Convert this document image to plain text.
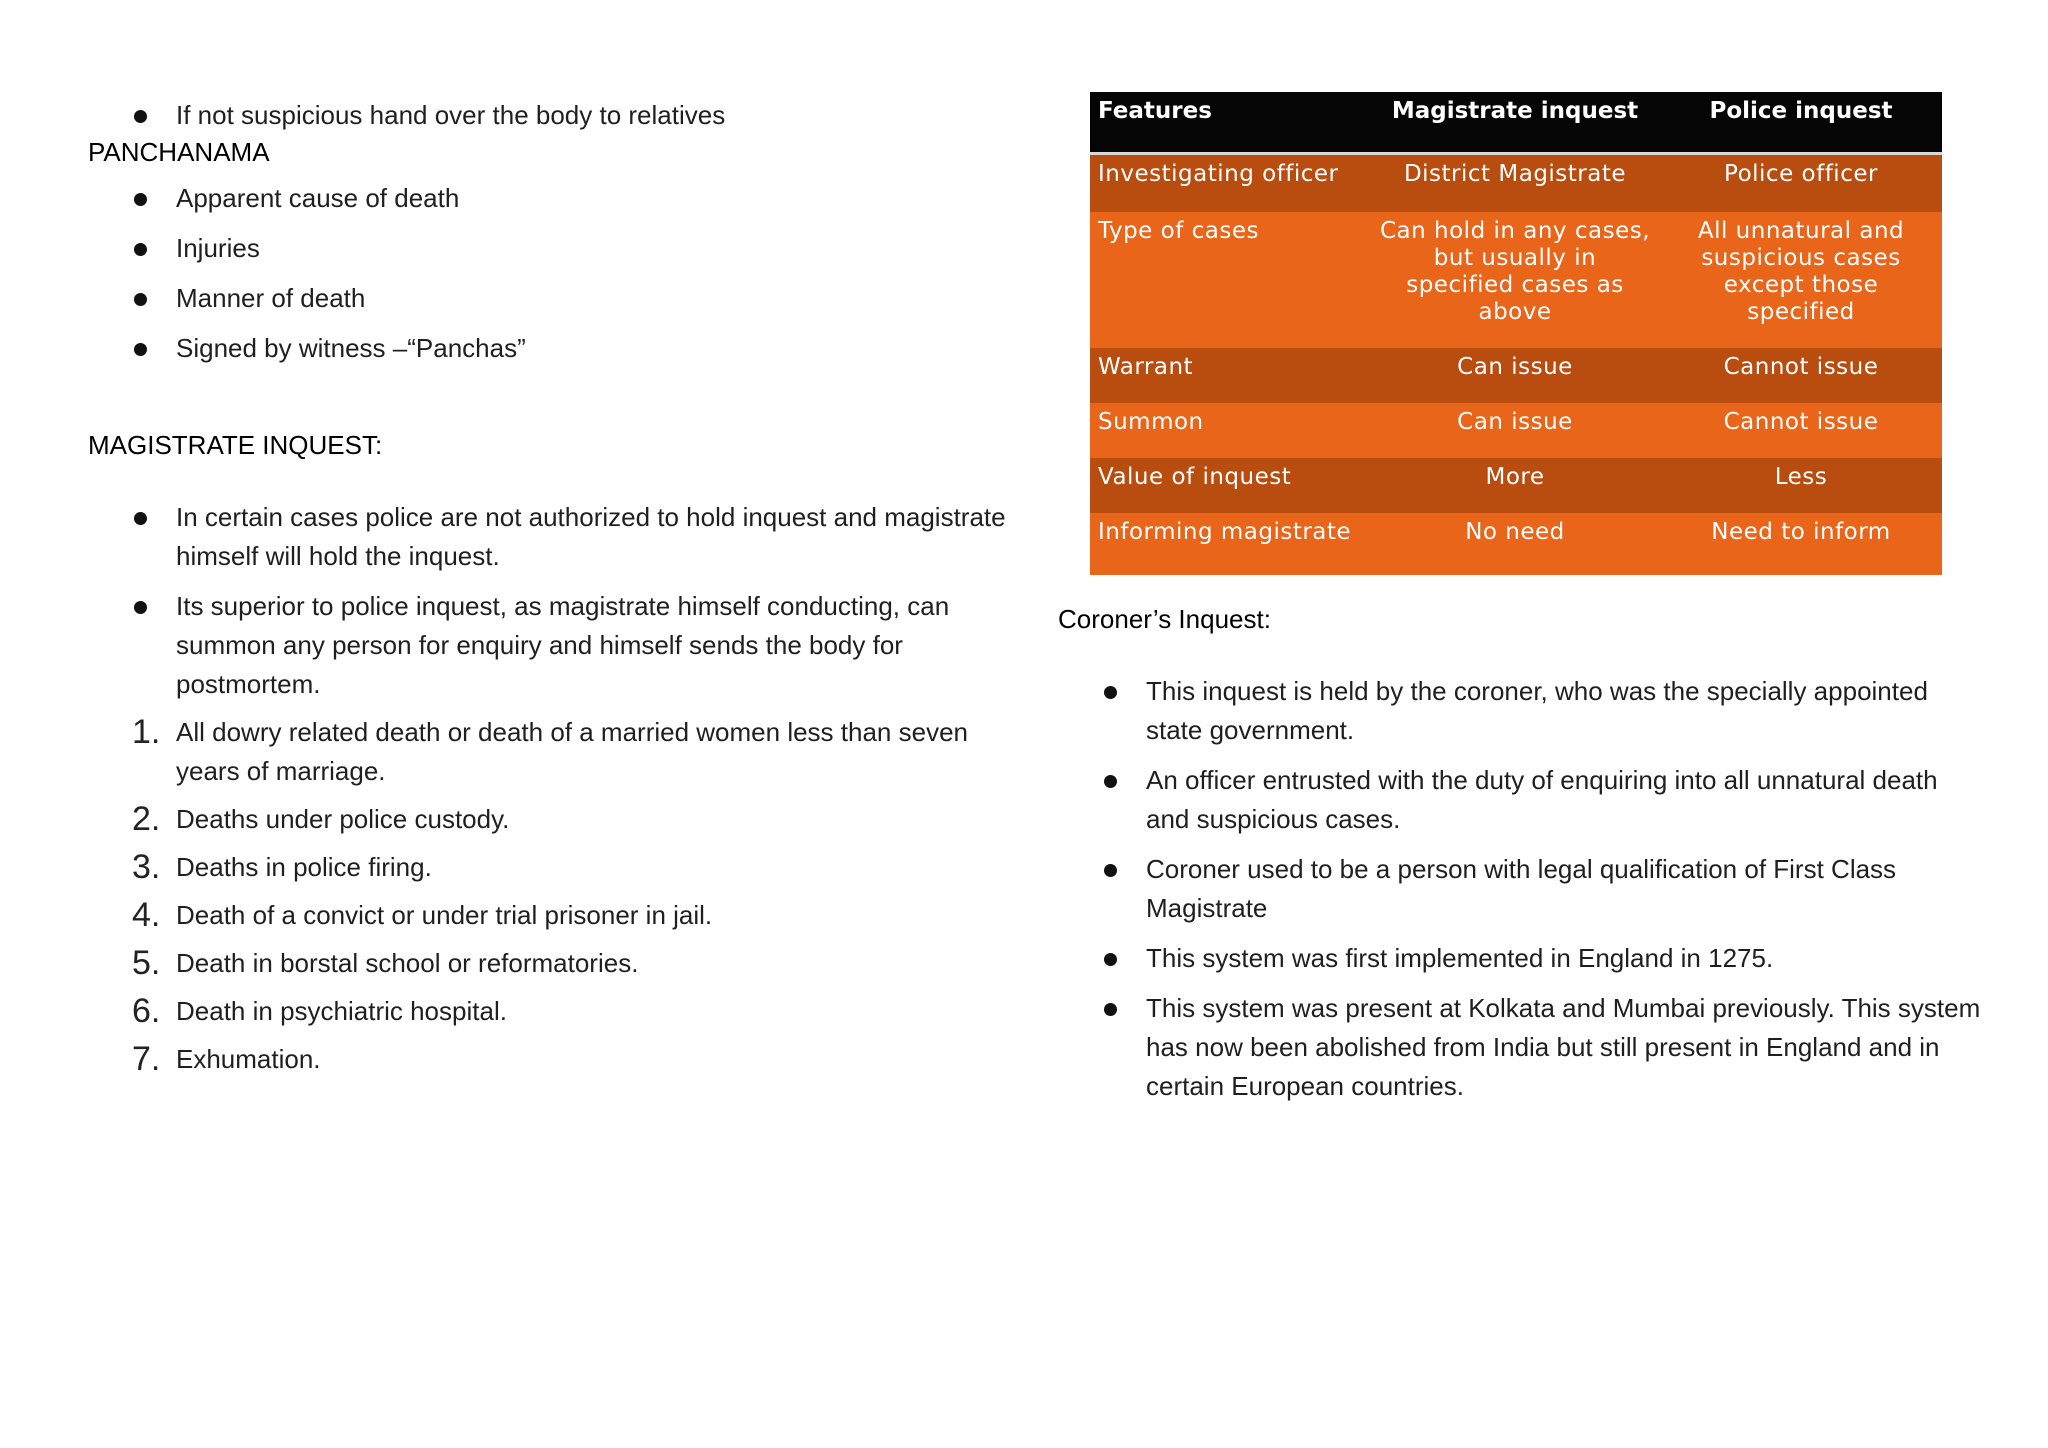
If not suspicious hand over the body to relatives
PANCHANAMA
Apparent cause of death
Injuries
Manner of death
Signed by witness –“Panchas”
MAGISTRATE INQUEST:
In certain cases police are not authorized to hold inquest and magistrate himself will hold the inquest.
Its superior to police inquest, as magistrate himself conducting, can summon any person for enquiry and himself sends the body for postmortem.
1. All dowry related death or death of a married women less than seven years of marriage.
2. Deaths under police custody.
3. Deaths in police firing.
4. Death of a convict or under trial prisoner in jail.
5. Death in borstal school or reformatories.
6. Death in psychiatric hospital.
7. Exhumation.
Features	Magistrate inquest	Police inquest
Investigating officer	District Magistrate	Police officer
Type of cases	Can hold in any cases, but usually in specified cases as above	All unnatural and suspicious cases except those specified
Warrant	Can issue	Cannot issue
Summon	Can issue	Cannot issue
Value of inquest	More	Less
Informing magistrate	No need	Need to inform
Coroner’s Inquest:
This inquest is held by the coroner, who was the specially appointed state government.
An officer entrusted with the duty of enquiring into all unnatural death and suspicious cases.
Coroner used to be a person with legal qualification of First Class Magistrate
This system was first implemented in England in 1275.
This system was present at Kolkata and Mumbai previously. This system has now been abolished from India but still present in England and in certain European countries.
